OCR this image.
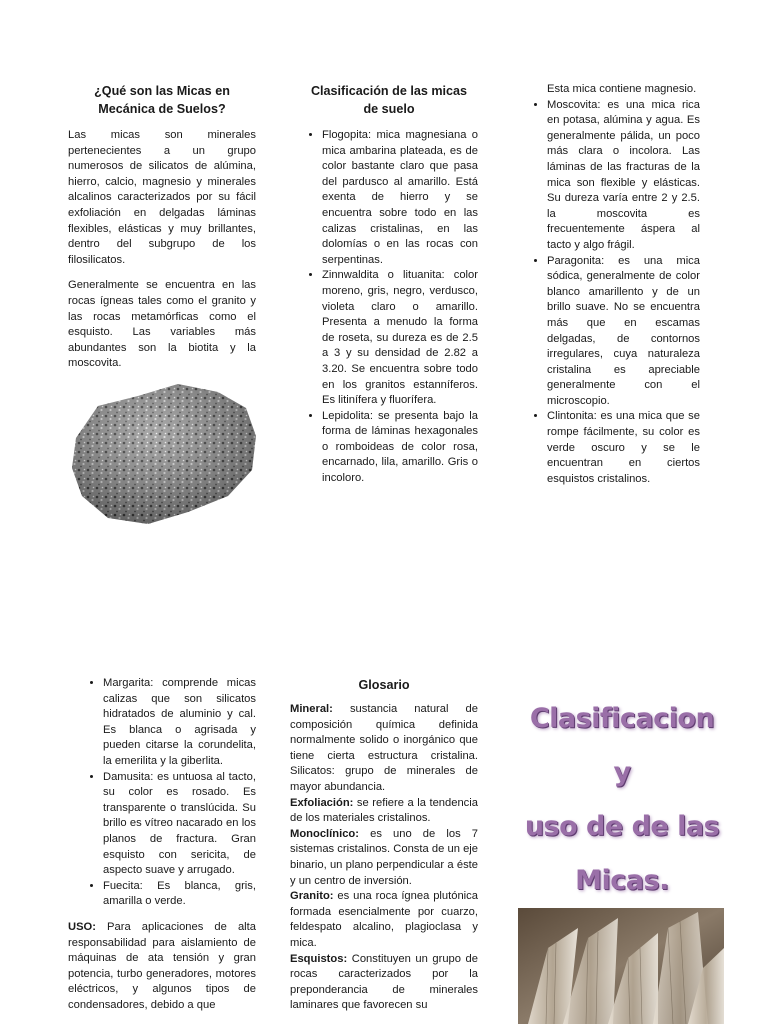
¿Qué son las Micas en Mecánica de Suelos?
Las micas son minerales pertenecientes a un grupo numerosos de silicatos de alúmina, hierro, calcio, magnesio y minerales alcalinos caracterizados por su fácil exfoliación en delgadas láminas flexibles, elásticas y muy brillantes, dentro del subgrupo de los filosilicatos.
Generalmente se encuentra en las rocas ígneas tales como el granito y las rocas metamórficas como el esquisto. Las variables más abundantes son la biotita y la moscovita.
Clasificación de las micas de suelo
• Flogopita: mica magnesiana o mica ambarina plateada, es de color bastante claro que pasa del pardusco al amarillo. Está exenta de hierro y se encuentra sobre todo en las calizas cristalinas, en las dolomías o en las rocas con serpentinas.
• Zinnwaldita o lituanita: color moreno, gris, negro, verdusco, violeta claro o amarillo. Presenta a menudo la forma de roseta, su dureza es de 2.5 a 3 y su densidad de 2.82 a 3.20. Se encuentra sobre todo en los granitos estanníferos. Es litinífera y fluorífera.
• Lepidolita: se presenta bajo la forma de láminas hexagonales o romboideas de color rosa, encarnado, lila, amarillo. Gris o incoloro.
Esta mica contiene magnesio.
• Moscovita: es una mica rica en potasa, alúmina y agua. Es generalmente pálida, un poco más clara o incolora. Las láminas de las fracturas de la mica son flexible y elásticas. Su dureza varía entre 2 y 2.5. la moscovita es frecuentemente áspera al tacto y algo frágil.
• Paragonita: es una mica sódica, generalmente de color blanco amarillento y de un brillo suave. No se encuentra más que en escamas delgadas, de contornos irregulares, cuya naturaleza cristalina es apreciable generalmente con el microscopio.
• Clintonita: es una mica que se rompe fácilmente, su color es verde oscuro y se le encuentran en ciertos esquistos cristalinos.
• Margarita: comprende micas calizas que son silicatos hidratados de aluminio y cal. Es blanca o agrisada y pueden citarse la corundelita, la emerilita y la giberlita.
• Damusita: es untuosa al tacto, su color es rosado. Es transparente o translúcida. Su brillo es vítreo nacarado en los planos de fractura. Gran esquisto con sericita, de aspecto suave y arrugado.
• Fuecita: Es blanca, gris, amarilla o verde.
USO: Para aplicaciones de alta responsabilidad para aislamiento de máquinas de ata tensión y gran potencia, turbo generadores, motores eléctricos, y algunos tipos de condensadores, debido a que
Glosario
Mineral: sustancia natural de composición química definida normalmente solido o inorgánico que tiene cierta estructura cristalina. Silicatos: grupo de minerales de mayor abundancia.
Exfoliación: se refiere a la tendencia de los materiales cristalinos.
Monoclínico: es uno de los 7 sistemas cristalinos. Consta de un eje binario, un plano perpendicular a éste y un centro de inversión.
Granito: es una roca ígnea plutónica formada esencialmente por cuarzo, feldespato alcalino, plagioclasa y mica.
Esquistos: Constituyen un grupo de rocas caracterizados por la preponderancia de minerales laminares que favorecen su
Clasificacion y
uso de de las
Micas.
